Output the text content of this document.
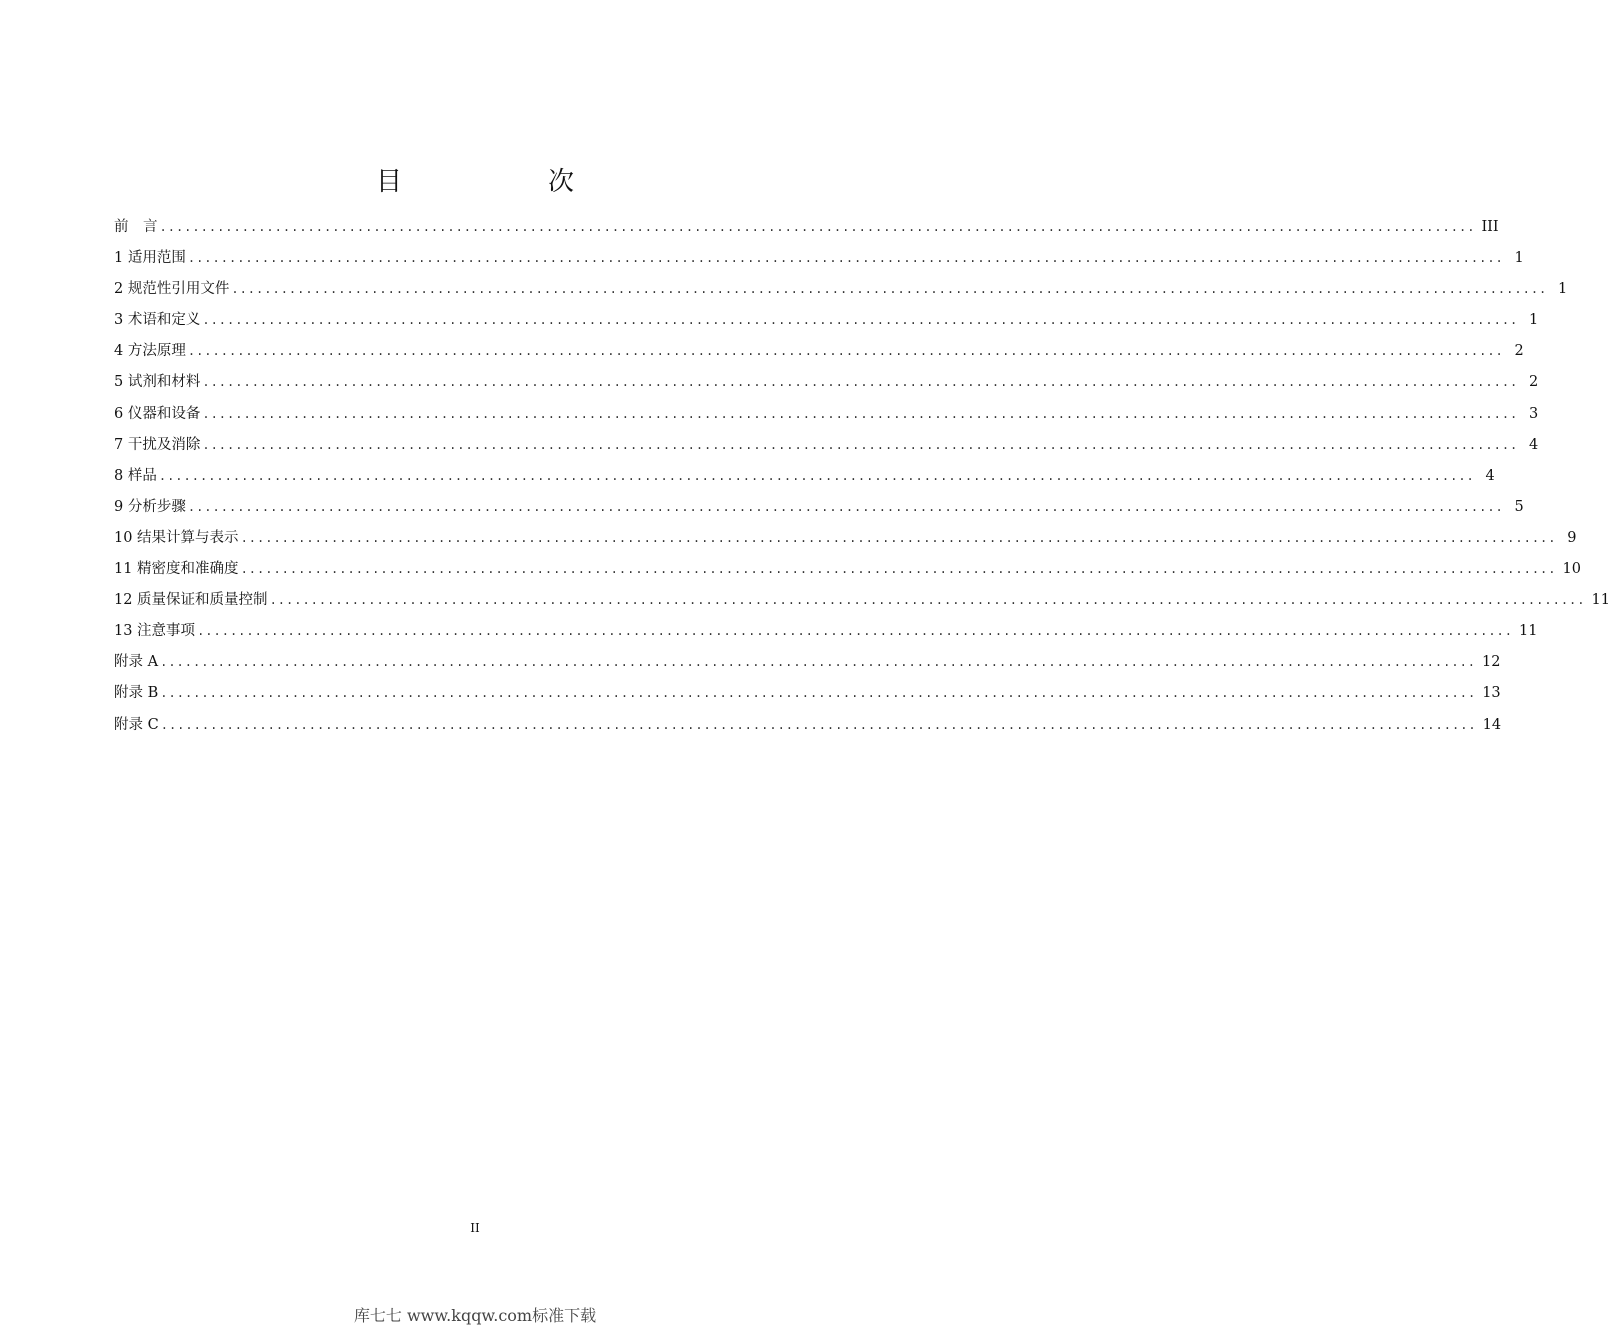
目　次
前　言 ................................................................................................................................................................ III
1 适用范围 ................................................................................................................................................................ 1
2 规范性引用文件 ................................................................................................................................................................ 1
3 术语和定义 ................................................................................................................................................................ 1
4 方法原理 ................................................................................................................................................................ 2
5 试剂和材料 ................................................................................................................................................................ 2
6 仪器和设备 ................................................................................................................................................................ 3
7 干扰及消除 ................................................................................................................................................................ 4
8 样品 ................................................................................................................................................................ 4
9 分析步骤 ................................................................................................................................................................ 5
10 结果计算与表示 ................................................................................................................................................................ 9
11 精密度和准确度 ................................................................................................................................................................ 10
12 质量保证和质量控制 ................................................................................................................................................................ 11
13 注意事项 ................................................................................................................................................................ 11
附录 A ................................................................................................................................................................ 12
附录 B ................................................................................................................................................................ 13
附录 C ................................................................................................................................................................ 14
II
库七七 www.kqqw.com标准下载
